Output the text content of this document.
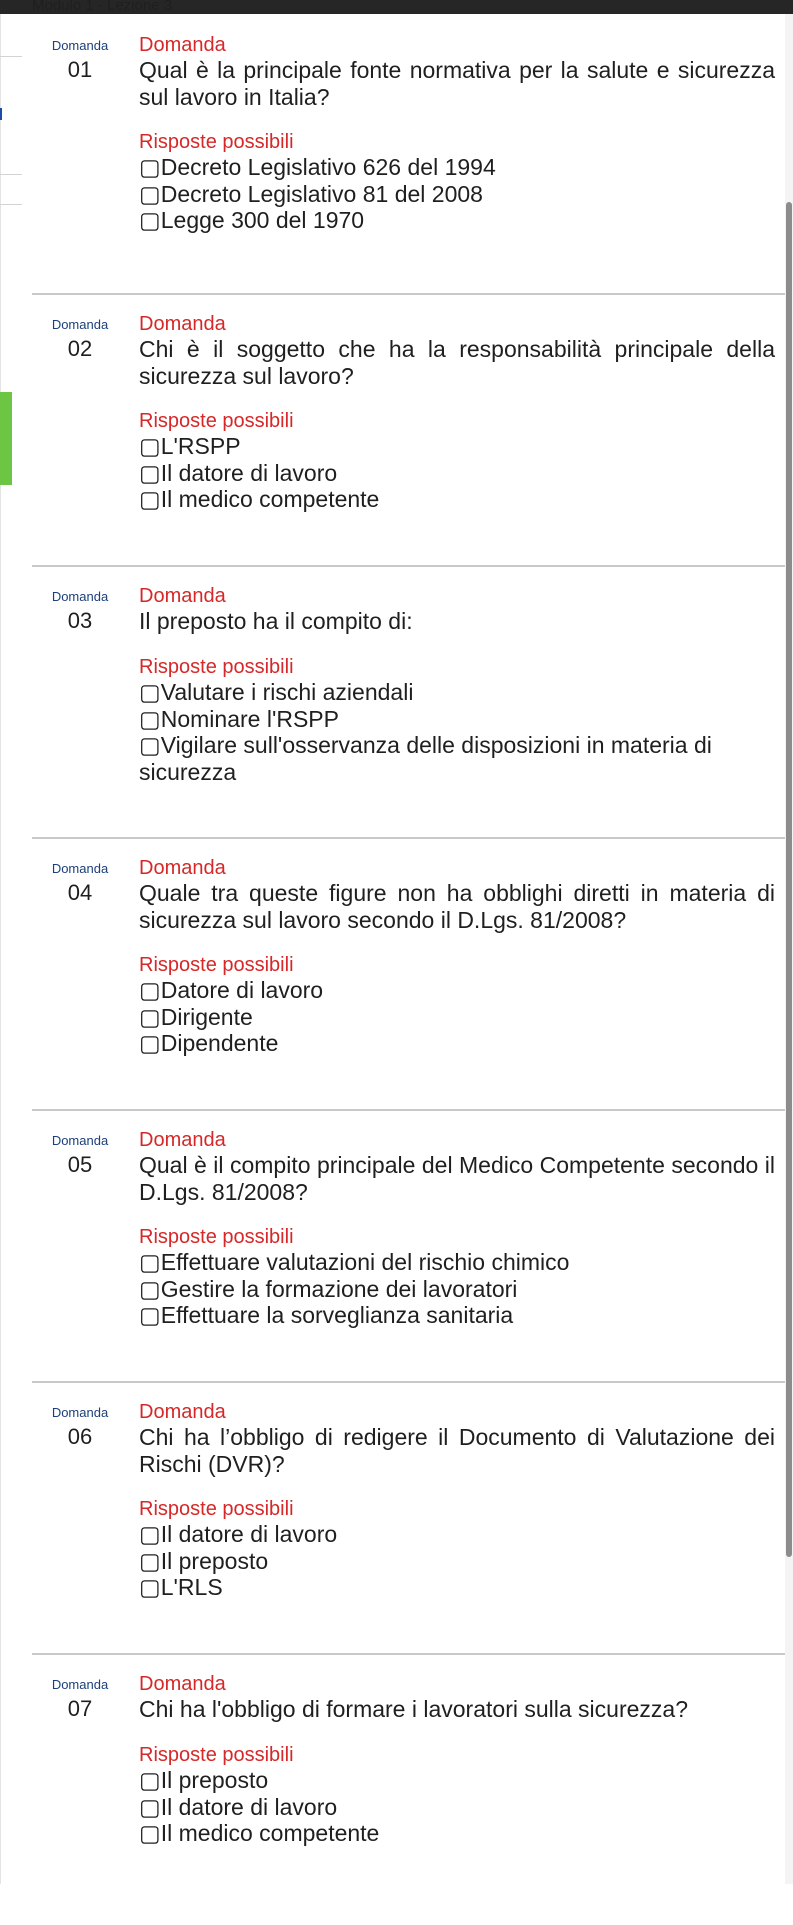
Modulo 1 - Lezione 3
Domanda
01
Domanda
Qual è la principale fonte normativa per la salute e sicurezza sul lavoro in Italia?
Risposte possibili
▢Decreto Legislativo 626 del 1994
▢Decreto Legislativo 81 del 2008
▢Legge 300 del 1970
Domanda
02
Domanda
Chi è il soggetto che ha la responsabilità principale della sicurezza sul lavoro?
Risposte possibili
▢L'RSPP
▢Il datore di lavoro
▢Il medico competente
Domanda
03
Domanda
Il preposto ha il compito di:
Risposte possibili
▢Valutare i rischi aziendali
▢Nominare l'RSPP
▢Vigilare sull'osservanza delle disposizioni in materia di sicurezza
Domanda
04
Domanda
Quale tra queste figure non ha obblighi diretti in materia di sicurezza sul lavoro secondo il D.Lgs. 81/2008?
Risposte possibili
▢Datore di lavoro
▢Dirigente
▢Dipendente
Domanda
05
Domanda
Qual è il compito principale del Medico Competente secondo il D.Lgs. 81/2008?
Risposte possibili
▢Effettuare valutazioni del rischio chimico
▢Gestire la formazione dei lavoratori
▢Effettuare la sorveglianza sanitaria
Domanda
06
Domanda
Chi ha l’obbligo di redigere il Documento di Valutazione dei Rischi (DVR)?
Risposte possibili
▢Il datore di lavoro
▢Il preposto
▢L'RLS
Domanda
07
Domanda
Chi ha l'obbligo di formare i lavoratori sulla sicurezza?
Risposte possibili
▢Il preposto
▢Il datore di lavoro
▢Il medico competente
